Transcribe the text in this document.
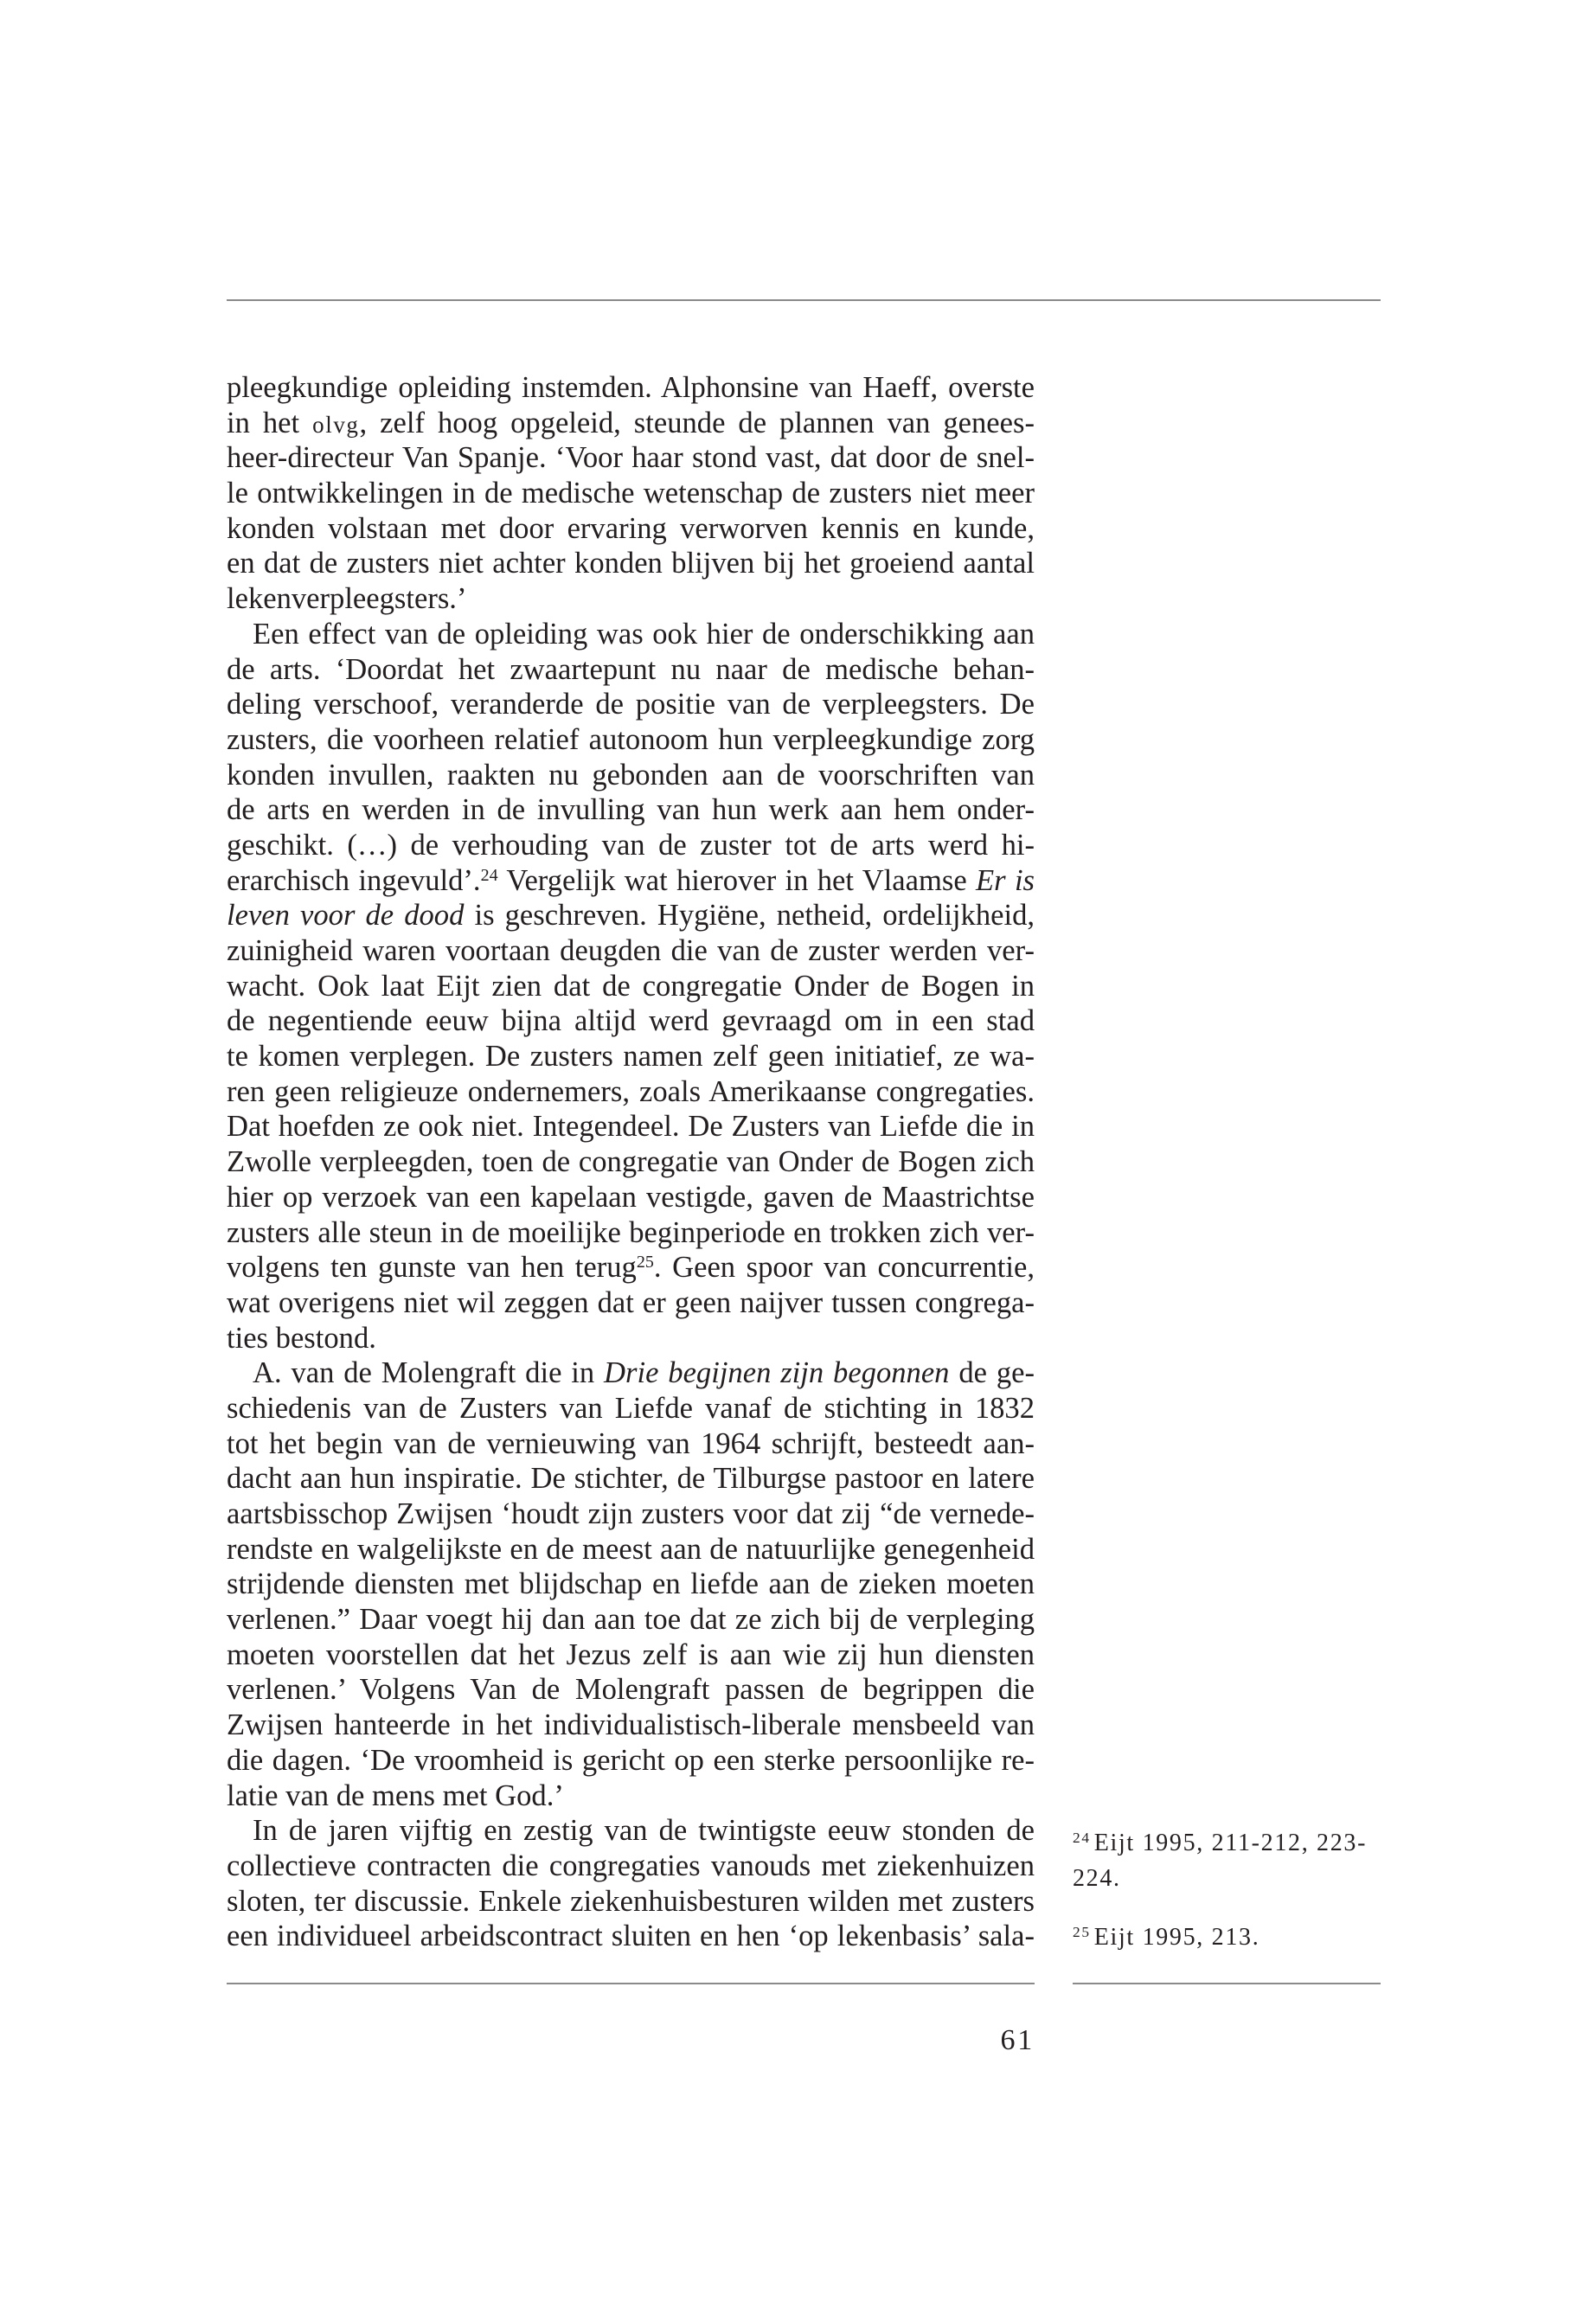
pleegkundige opleiding instemden. Alphonsine van Haeff, overste
in het olvg, zelf hoog opgeleid, steunde de plannen van genees-
heer-directeur Van Spanje. ‘Voor haar stond vast, dat door de snel-
le ontwikkelingen in de medische wetenschap de zusters niet meer
konden volstaan met door ervaring verworven kennis en kunde,
en dat de zusters niet achter konden blijven bij het groeiend aantal
lekenverpleegsters.’
Een effect van de opleiding was ook hier de onderschikking aan
de arts. ‘Doordat het zwaartepunt nu naar de medische behan-
deling verschoof, veranderde de positie van de verpleegsters. De
zusters, die voorheen relatief autonoom hun verpleegkundige zorg
konden invullen, raakten nu gebonden aan de voorschriften van
de arts en werden in de invulling van hun werk aan hem onder-
geschikt. (…) de verhouding van de zuster tot de arts werd hi-
erarchisch ingevuld’.$^{24}$ Vergelijk wat hierover in het Vlaamse Er is
leven voor de dood is geschreven. Hygiëne, netheid, ordelijkheid,
zuinigheid waren voortaan deugden die van de zuster werden ver-
wacht. Ook laat Eijt zien dat de congregatie Onder de Bogen in
de negentiende eeuw bijna altijd werd gevraagd om in een stad
te komen verplegen. De zusters namen zelf geen initiatief, ze wa-
ren geen religieuze ondernemers, zoals Amerikaanse congregaties.
Dat hoefden ze ook niet. Integendeel. De Zusters van Liefde die in
Zwolle verpleegden, toen de congregatie van Onder de Bogen zich
hier op verzoek van een kapelaan vestigde, gaven de Maastrichtse
zusters alle steun in de moeilijke beginperiode en trokken zich ver-
volgens ten gunste van hen terug$^{25}$. Geen spoor van concurrentie,
wat overigens niet wil zeggen dat er geen naijver tussen congrega-
ties bestond.
A. van de Molengraft die in Drie begijnen zijn begonnen de ge-
schiedenis van de Zusters van Liefde vanaf de stichting in 1832
tot het begin van de vernieuwing van 1964 schrijft, besteedt aan-
dacht aan hun inspiratie. De stichter, de Tilburgse pastoor en latere
aartsbisschop Zwijsen ‘houdt zijn zusters voor dat zij “de vernede-
rendste en walgelijkste en de meest aan de natuurlijke genegenheid
strijdende diensten met blijdschap en liefde aan de zieken moeten
verlenen.” Daar voegt hij dan aan toe dat ze zich bij de verpleging
moeten voorstellen dat het Jezus zelf is aan wie zij hun diensten
verlenen.’ Volgens Van de Molengraft passen de begrippen die
Zwijsen hanteerde in het individualistisch-liberale mensbeeld van
die dagen. ‘De vroomheid is gericht op een sterke persoonlijke re-
latie van de mens met God.’
In de jaren vijftig en zestig van de twintigste eeuw stonden de
collectieve contracten die congregaties vanouds met ziekenhuizen
sloten, ter discussie. Enkele ziekenhuisbesturen wilden met zusters
een individueel arbeidscontract sluiten en hen ‘op lekenbasis’ sala-
$^{24}$ Eijt 1995, 211-212, 223-
224.
$^{25}$ Eijt 1995, 213.
61
